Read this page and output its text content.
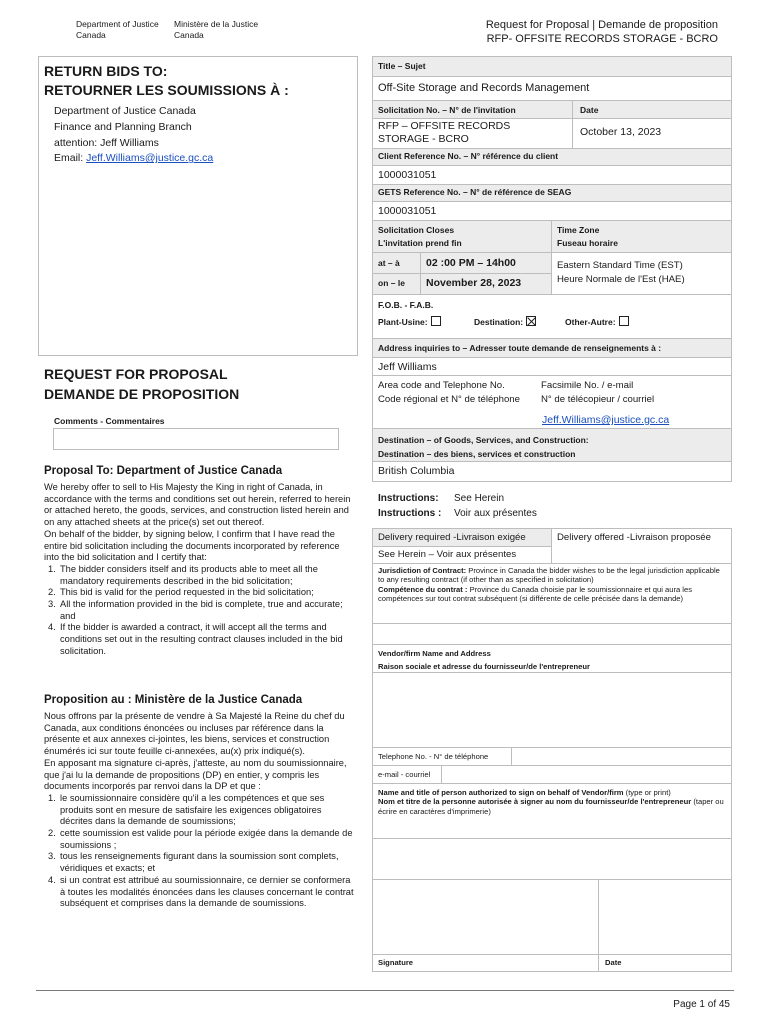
Department of Justice
Canada
Ministère de la Justice
Canada
Request for Proposal | Demande de proposition
RFP- OFFSITE RECORDS STORAGE - BCRO
RETURN BIDS TO:
RETOURNER LES SOUMISSIONS À :
Department of Justice Canada
Finance and Planning Branch
attention: Jeff Williams
Email: Jeff.Williams@justice.gc.ca
REQUEST FOR PROPOSAL
DEMANDE DE PROPOSITION
Comments - Commentaires
Proposal To: Department of Justice Canada
We hereby offer to sell to His Majesty the King in right of Canada, in accordance with the terms and conditions set out herein, referred to herein or attached hereto, the goods, services, and construction listed herein and on any attached sheets at the price(s) set out thereof.
On behalf of the bidder, by signing below, I confirm that I have read the entire bid solicitation including the documents incorporated by reference into the bid solicitation and I certify that:
1. The bidder considers itself and its products able to meet all the mandatory requirements described in the bid solicitation;
2. This bid is valid for the period requested in the bid solicitation;
3. All the information provided in the bid is complete, true and accurate; and
4. If the bidder is awarded a contract, it will accept all the terms and conditions set out in the resulting contract clauses included in the bid solicitation.
Proposition au : Ministère de la Justice Canada
Nous offrons par la présente de vendre à Sa Majesté la Reine du chef du Canada, aux conditions énoncées ou incluses par référence dans la présente et aux annexes ci-jointes, les biens, services et construction énumérés ici sur toute feuille ci-annexées, au(x) prix indiqué(s).
En apposant ma signature ci-après, j'atteste, au nom du soumissionnaire, que j'ai lu la demande de propositions (DP) en entier, y compris les documents incorporés par renvoi dans la DP et que :
1. le soumissionnaire considère qu'il a les compétences et que ses produits sont en mesure de satisfaire les exigences obligatoires décrites dans la demande de soumissions;
2. cette soumission est valide pour la période exigée dans la demande de soumissions ;
3. tous les renseignements figurant dans la soumission sont complets, véridiques et exacts; et
4. si un contrat est attribué au soumissionnaire, ce dernier se conformera à toutes les modalités énoncées dans les clauses concernant le contrat subséquent et comprises dans la demande de soumissions.
Title – Sujet
Off-Site Storage and Records Management
Solicitation No. – N° de l'invitation	Date
RFP – OFFSITE RECORDS
STORAGE - BCRO
October 13, 2023
Client Reference No. – N° référence du client
1000031051
GETS Reference No. – N° de référence de SEAG
1000031051
Solicitation Closes
L'invitation prend fin
Time Zone
Fuseau horaire
at – à	02 :00 PM – 14h00
on – le November 28, 2023
Eastern Standard Time (EST)
Heure Normale de l'Est (HAE)
F.O.B. - F.A.B.
Plant-Usine:	Destination:	Other-Autre:
Address inquiries to – Adresser toute demande de renseignements à :
Jeff Williams
Area code and Telephone No.
Code régional et N° de téléphone
Facsimile No. / e-mail
N° de télécopieur / courriel
Jeff.Williams@justice.gc.ca
Destination – of Goods, Services, and Construction:
Destination – des biens, services et construction
British Columbia
Instructions: See Herein
Instructions : Voir aux présentes
Delivery required -Livraison exigée	Delivery offered -Livraison proposée
See Herein – Voir aux présentes
Jurisdiction of Contract: Province in Canada the bidder wishes to be the legal jurisdiction applicable to any resulting contract (if other than as specified in solicitation)
Compétence du contrat : Province du Canada choisie par le soumissionnaire et qui aura les compétences sur tout contrat subséquent (si différente de celle précisée dans la demande)
Vendor/firm Name and Address
Raison sociale et adresse du fournisseur/de l'entrepreneur
Telephone No. - N° de téléphone
e-mail - courriel
Name and title of person authorized to sign on behalf of Vendor/firm (type or print)
Nom et titre de la personne autorisée à signer au nom du fournisseur/de l'entrepreneur (taper ou écrire en caractères d'imprimerie)
Signature	Date
Page 1 of 45
